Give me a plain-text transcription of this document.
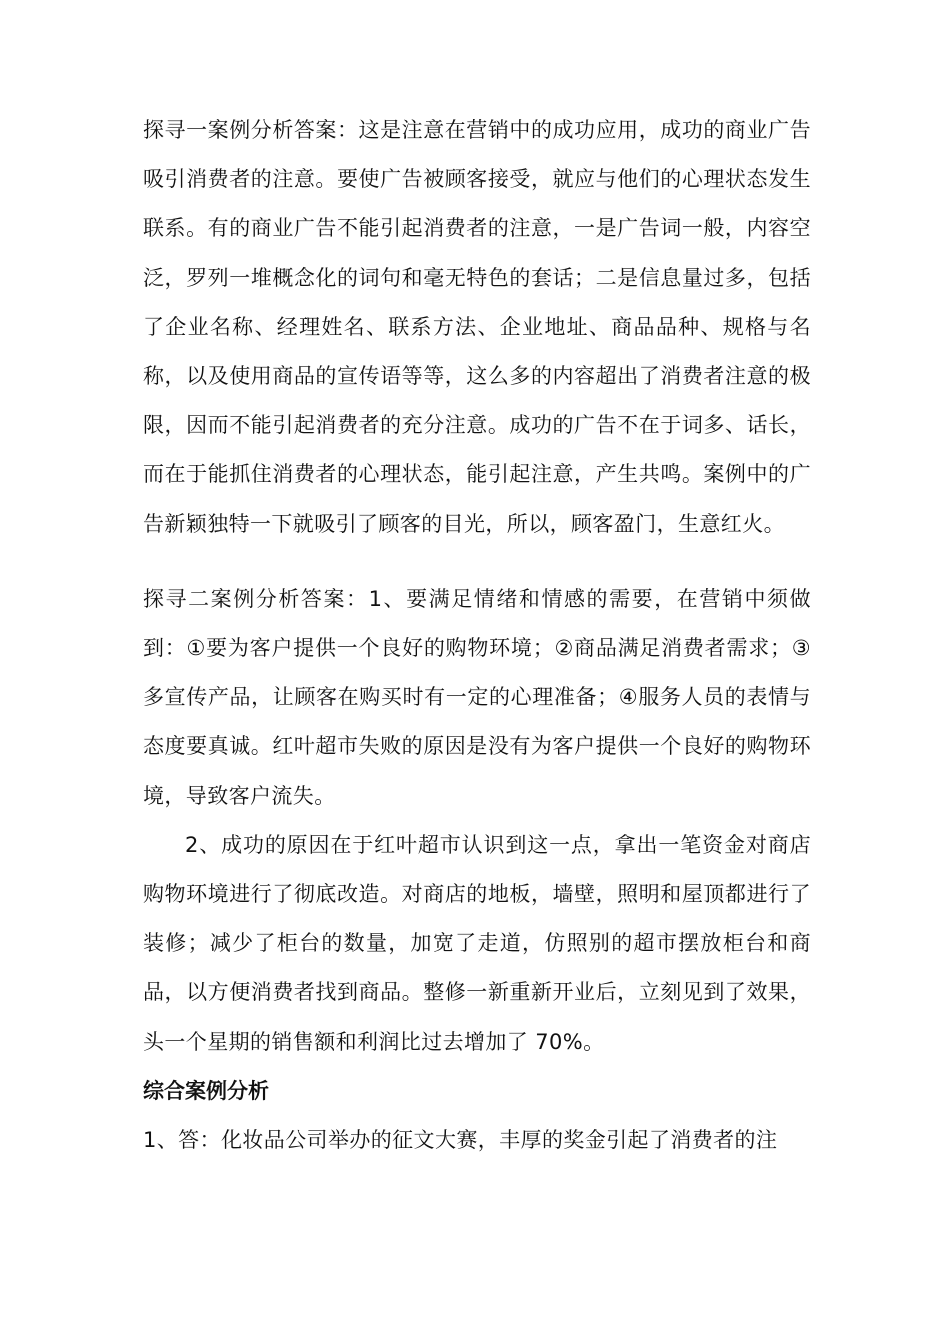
探寻一案例分析答案：这是注意在营销中的成功应用，成功的商业广告吸引消费者的注意。要使广告被顾客接受，就应与他们的心理状态发生联系。有的商业广告不能引起消费者的注意，一是广告词一般，内容空泛，罗列一堆概念化的词句和毫无特色的套话；二是信息量过多，包括了企业名称、经理姓名、联系方法、企业地址、商品品种、规格与名称，以及使用商品的宣传语等等，这么多的内容超出了消费者注意的极限，因而不能引起消费者的充分注意。成功的广告不在于词多、话长，而在于能抓住消费者的心理状态，能引起注意，产生共鸣。案例中的广告新颖独特一下就吸引了顾客的目光，所以，顾客盈门，生意红火。

探寻二案例分析答案：1、要满足情绪和情感的需要，在营销中须做到：①要为客户提供一个良好的购物环境；②商品满足消费者需求；③多宣传产品，让顾客在购买时有一定的心理准备；④服务人员的表情与态度要真诚。红叶超市失败的原因是没有为客户提供一个良好的购物环境，导致客户流失。

2、成功的原因在于红叶超市认识到这一点，拿出一笔资金对商店购物环境进行了彻底改造。对商店的地板，墙壁，照明和屋顶都进行了装修；减少了柜台的数量，加宽了走道，仿照别的超市摆放柜台和商品，以方便消费者找到商品。整修一新重新开业后，立刻见到了效果，头一个星期的销售额和利润比过去增加了 70%。

综合案例分析

1、答：化妆品公司举办的征文大赛，丰厚的奖金引起了消费者的注
